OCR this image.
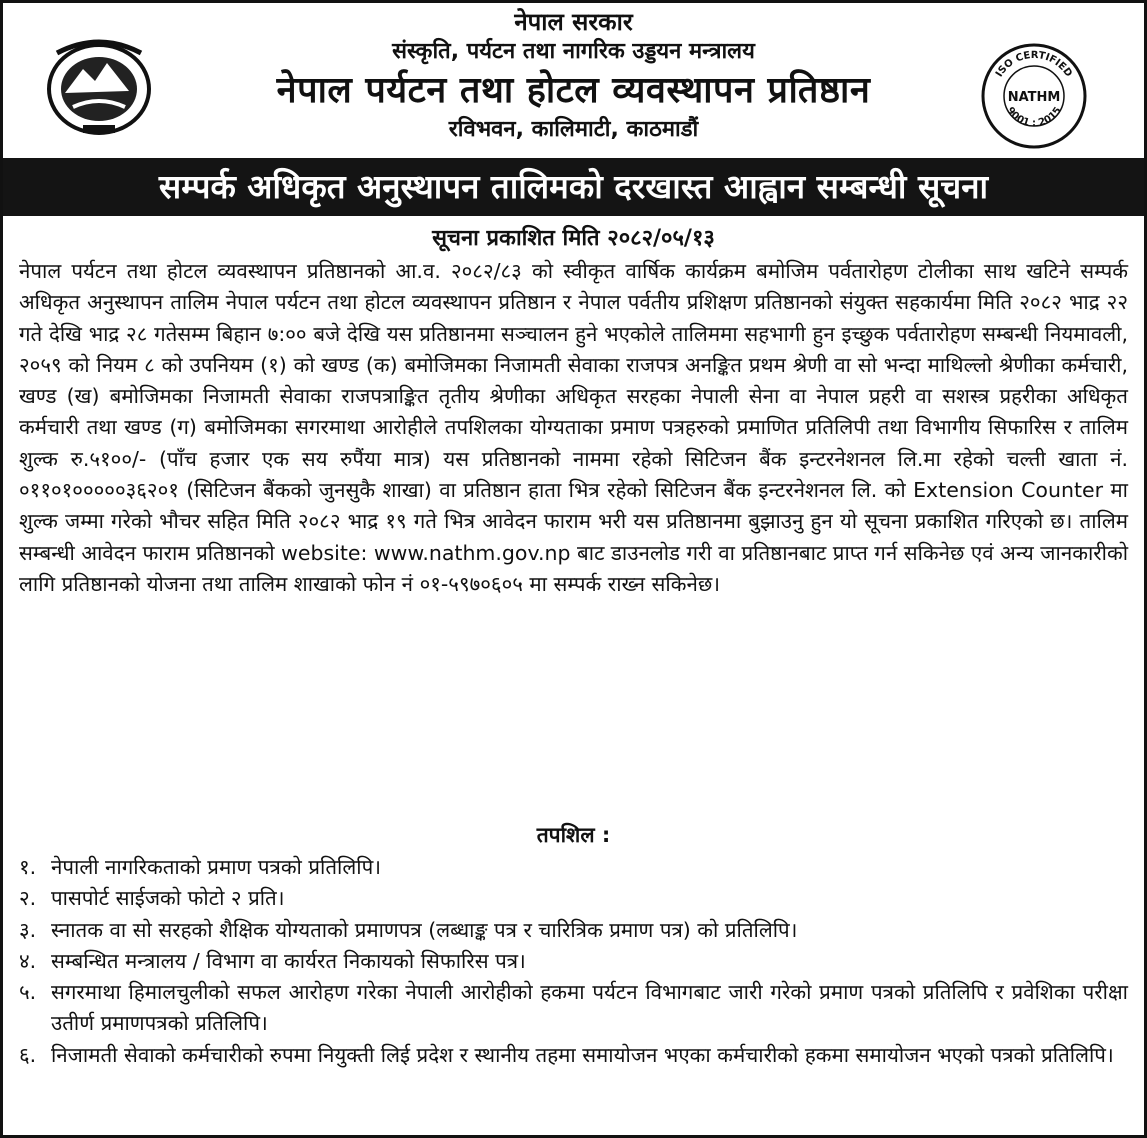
नेपाल सरकार
संस्कृति, पर्यटन तथा नागरिक उड्डयन मन्त्रालय
नेपाल पर्यटन तथा होटल व्यवस्थापन प्रतिष्ठान
रविभवन, कालिमाटी, काठमाडौं
ISO CERTIFIED
NATHM
9001 : 2015
सम्पर्क अधिकृत अनुस्थापन तालिमको दरखास्त आह्वान सम्बन्धी सूचना
सूचना प्रकाशित मिति २०८२/०५/१३
नेपाल पर्यटन तथा होटल व्यवस्थापन प्रतिष्ठानको आ.व. २०८२/८३ को स्वीकृत वार्षिक कार्यक्रम बमोजिम पर्वतारोहण टोलीका साथ खटिने सम्पर्क अधिकृत अनुस्थापन तालिम नेपाल पर्यटन तथा होटल व्यवस्थापन प्रतिष्ठान र नेपाल पर्वतीय प्रशिक्षण प्रतिष्ठानको संयुक्त सहकार्यमा मिति २०८२ भाद्र २२ गते देखि भाद्र २८ गतेसम्म बिहान ७:०० बजे देखि यस प्रतिष्ठानमा सञ्चालन हुने भएकोले तालिममा सहभागी हुन इच्छुक पर्वतारोहण सम्बन्धी नियमावली, २०५९ को नियम ८ को उपनियम (१) को खण्ड (क) बमोजिमका निजामती सेवाका राजपत्र अनङ्कित प्रथम श्रेणी वा सो भन्दा माथिल्लो श्रेणीका कर्मचारी, खण्ड (ख) बमोजिमका निजामती सेवाका राजपत्राङ्कित तृतीय श्रेणीका अधिकृत सरहका नेपाली सेना वा नेपाल प्रहरी वा सशस्त्र प्रहरीका अधिकृत कर्मचारी तथा खण्ड (ग) बमोजिमका सगरमाथा आरोहीले तपशिलका योग्यताका प्रमाण पत्रहरुको प्रमाणित प्रतिलिपी तथा विभागीय सिफारिस र तालिम शुल्क रु.५१००/- (पाँच हजार एक सय रुपैंया मात्र) यस प्रतिष्ठानको नाममा रहेको सिटिजन बैंक इन्टरनेशनल लि.मा रहेको चल्ती खाता नं. ०११०१०००००३६२०१ (सिटिजन बैंकको जुनसुकै शाखा) वा प्रतिष्ठान हाता भित्र रहेको सिटिजन बैंक इन्टरनेशनल लि. को Extension Counter मा शुल्क जम्मा गरेको भौचर सहित मिति २०८२ भाद्र १९ गते भित्र आवेदन फाराम भरी यस प्रतिष्ठानमा बुझाउनु हुन यो सूचना प्रकाशित गरिएको छ। तालिम सम्बन्धी आवेदन फाराम प्रतिष्ठानको website: www.nathm.gov.np बाट डाउनलोड गरी वा प्रतिष्ठानबाट प्राप्त गर्न सकिनेछ एवं अन्य जानकारीको लागि प्रतिष्ठानको योजना तथा तालिम शाखाको फोन नं ०१-५९७०६०५ मा सम्पर्क राख्न सकिनेछ।
तपशिल :
१. नेपाली नागरिकताको प्रमाण पत्रको प्रतिलिपि।
२. पासपोर्ट साईजको फोटो २ प्रति।
३. स्नातक वा सो सरहको शैक्षिक योग्यताको प्रमाणपत्र (लब्धाङ्क पत्र र चारित्रिक प्रमाण पत्र) को प्रतिलिपि।
४. सम्बन्धित मन्त्रालय / विभाग वा कार्यरत निकायको सिफारिस पत्र।
५. सगरमाथा हिमालचुलीको सफल आरोहण गरेका नेपाली आरोहीको हकमा पर्यटन विभागबाट जारी गरेको प्रमाण पत्रको प्रतिलिपि र प्रवेशिका परीक्षा उतीर्ण प्रमाणपत्रको प्रतिलिपि।
६. निजामती सेवाको कर्मचारीको रुपमा नियुक्ती लिई प्रदेश र स्थानीय तहमा समायोजन भएका कर्मचारीको हकमा समायोजन भएको पत्रको प्रतिलिपि।
